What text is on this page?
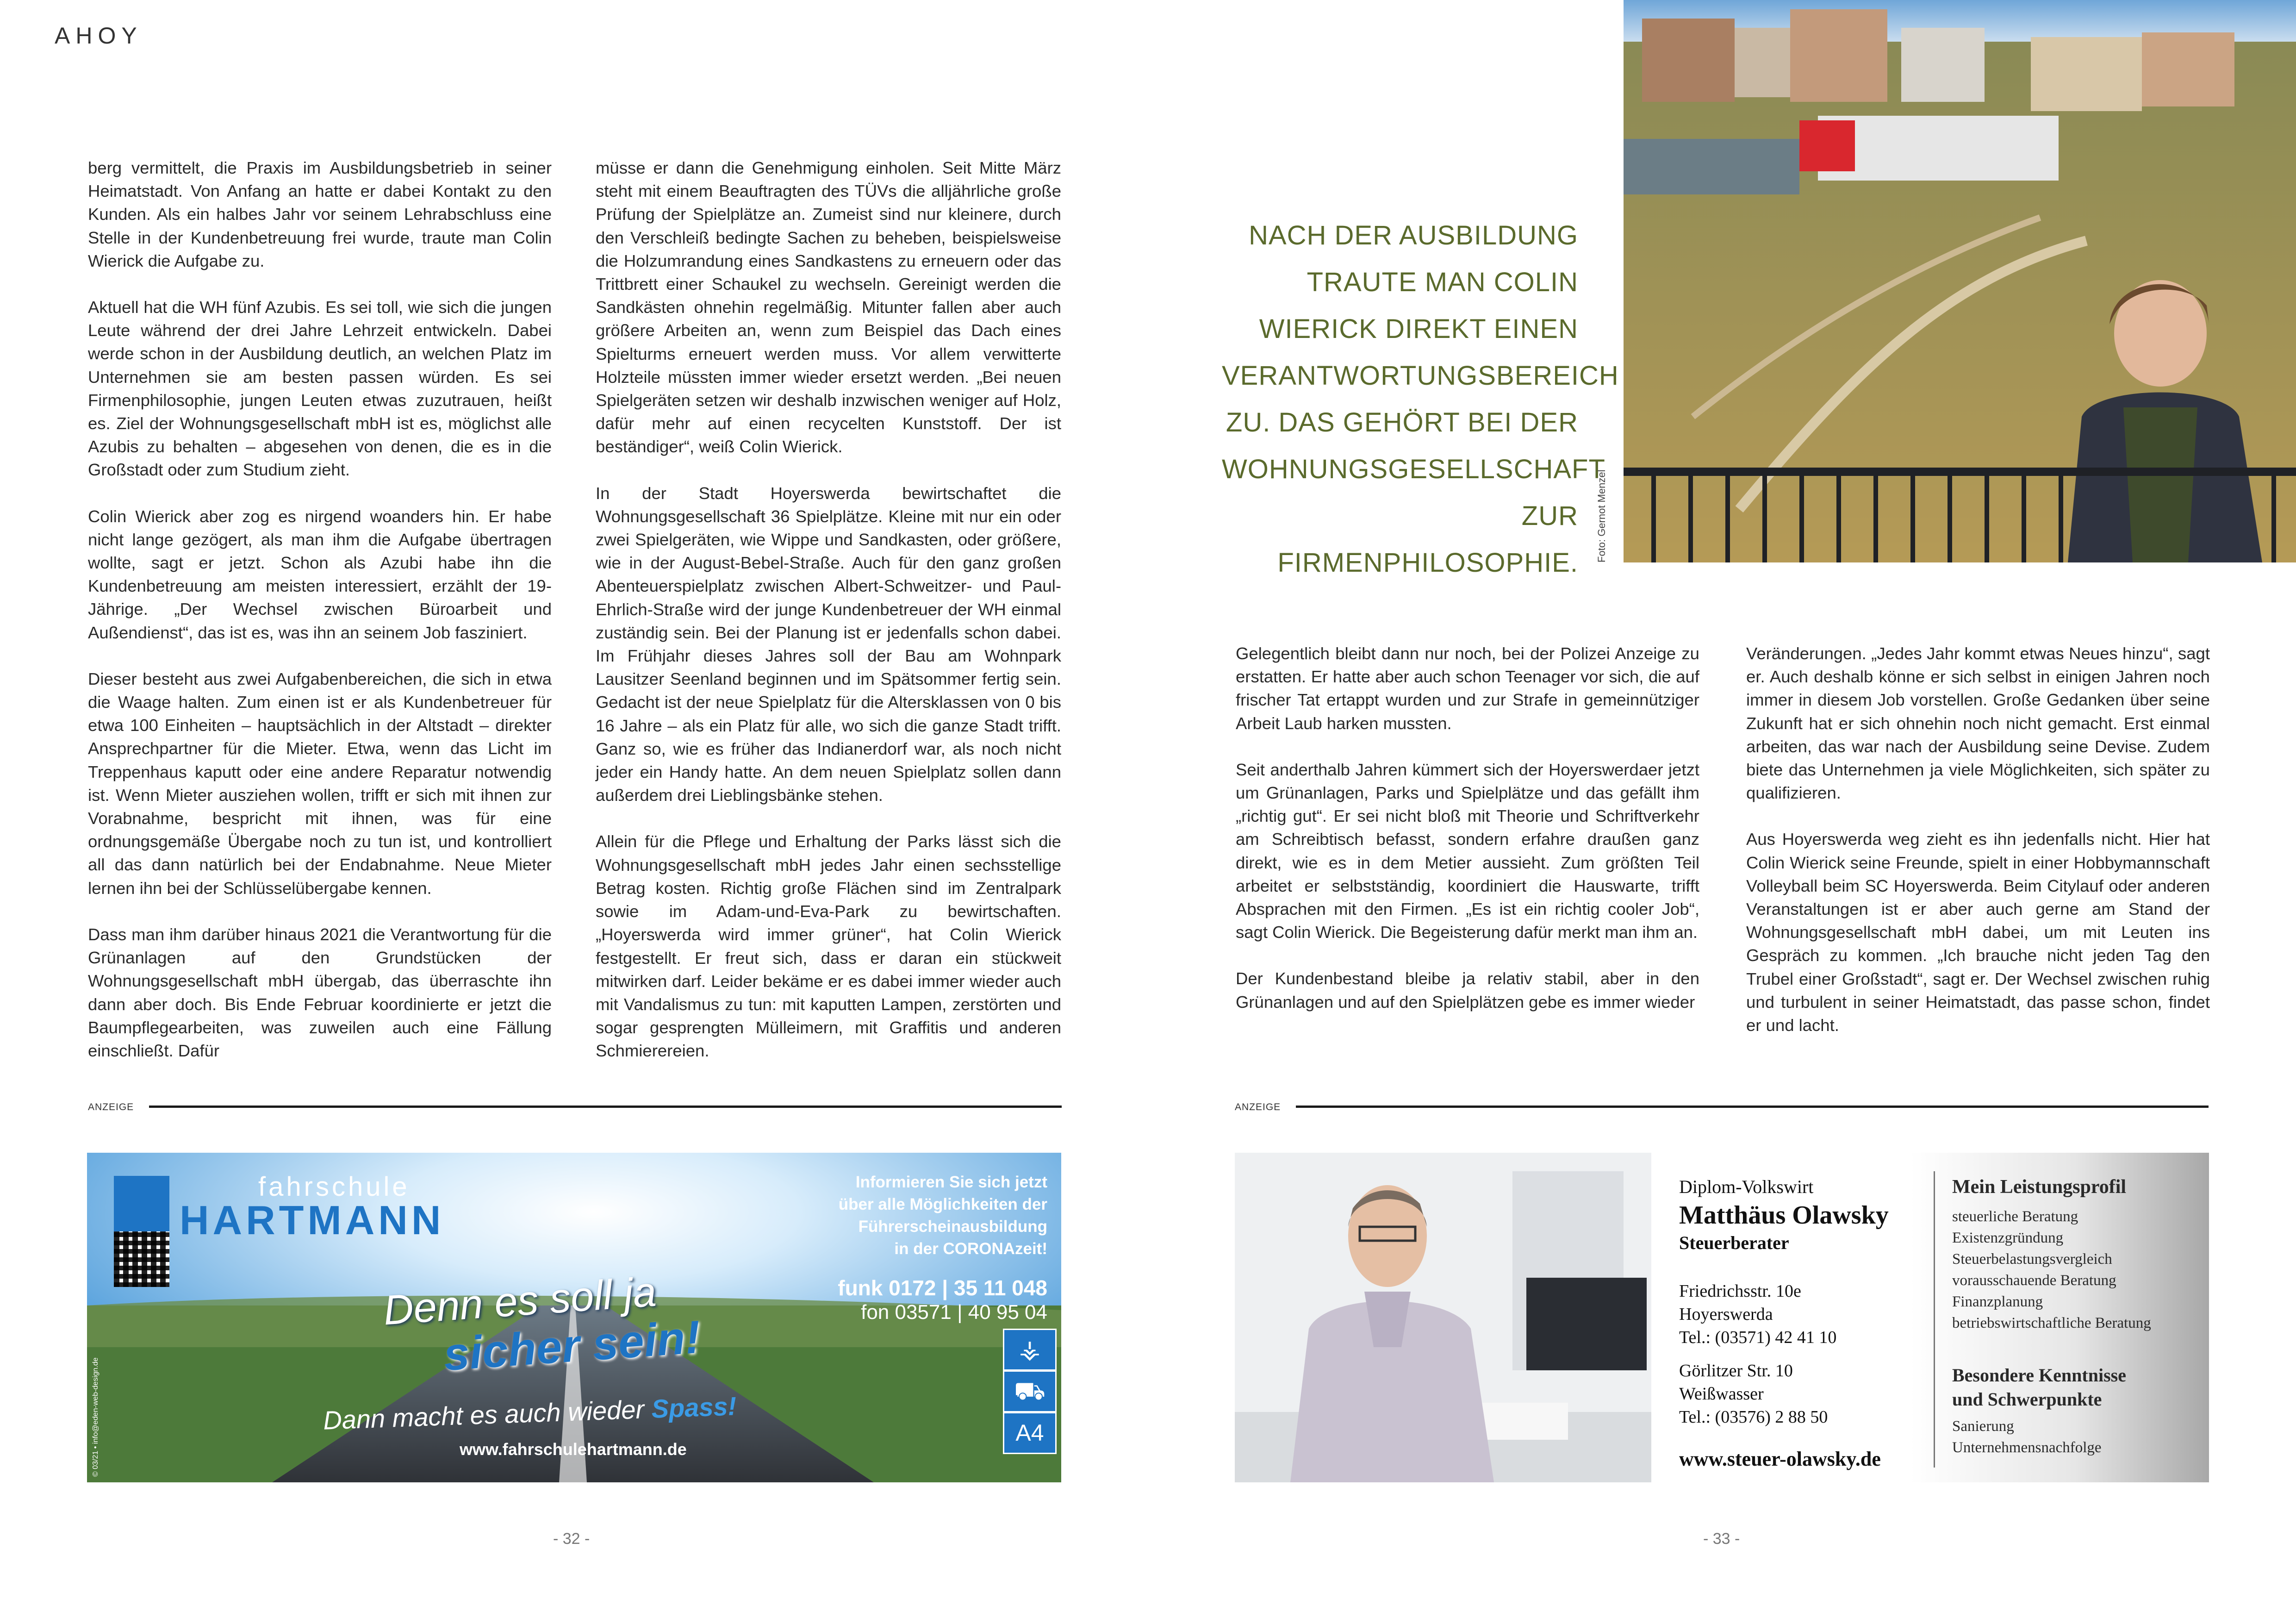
AHOY

berg vermittelt, die Praxis im Ausbildungsbetrieb in seiner Heimatstadt. Von Anfang an hatte er dabei Kontakt zu den Kunden. Als ein halbes Jahr vor seinem Lehrabschluss eine Stelle in der Kundenbetreuung frei wurde, traute man Colin Wierick die Aufgabe zu.

Aktuell hat die WH fünf Azubis. Es sei toll, wie sich die jungen Leute während der drei Jahre Lehrzeit entwickeln. Dabei werde schon in der Ausbildung deutlich, an welchen Platz im Unternehmen sie am besten passen würden. Es sei Firmenphilosophie, jungen Leuten etwas zuzutrauen, heißt es. Ziel der Wohnungsgesellschaft mbH ist es, möglichst alle Azubis zu behalten – abgesehen von denen, die es in die Großstadt oder zum Studium zieht.

Colin Wierick aber zog es nirgend woanders hin. Er habe nicht lange gezögert, als man ihm die Aufgabe übertragen wollte, sagt er jetzt. Schon als Azubi habe ihn die Kundenbetreuung am meisten interessiert, erzählt der 19-Jährige. „Der Wechsel zwischen Büroarbeit und Außendienst“, das ist es, was ihn an seinem Job fasziniert.

Dieser besteht aus zwei Aufgabenbereichen, die sich in etwa die Waage halten. Zum einen ist er als Kundenbetreuer für etwa 100 Einheiten – hauptsächlich in der Altstadt – direkter Ansprechpartner für die Mieter. Etwa, wenn das Licht im Treppenhaus kaputt oder eine andere Reparatur notwendig ist. Wenn Mieter ausziehen wollen, trifft er sich mit ihnen zur Vorabnahme, bespricht mit ihnen, was für eine ordnungsgemäße Übergabe noch zu tun ist, und kontrolliert all das dann natürlich bei der Endabnahme. Neue Mieter lernen ihn bei der Schlüsselübergabe kennen.

Dass man ihm darüber hinaus 2021 die Verantwortung für die Grünanlagen auf den Grundstücken der Wohnungsgesellschaft mbH übergab, das überraschte ihn dann aber doch. Bis Ende Februar koordinierte er jetzt die Baumpflegearbeiten, was zuweilen auch eine Fällung einschließt. Dafür

müsse er dann die Genehmigung einholen. Seit Mitte März steht mit einem Beauftragten des TÜVs die alljährliche große Prüfung der Spielplätze an. Zumeist sind nur kleinere, durch den Verschleiß bedingte Sachen zu beheben, beispielsweise die Holzumrandung eines Sandkastens zu erneuern oder das Trittbrett einer Schaukel zu wechseln. Gereinigt werden die Sandkästen ohnehin regelmäßig. Mitunter fallen aber auch größere Arbeiten an, wenn zum Beispiel das Dach eines Spielturms erneuert werden muss. Vor allem verwitterte Holzteile müssten immer wieder ersetzt werden. „Bei neuen Spielgeräten setzen wir deshalb inzwischen weniger auf Holz, dafür mehr auf einen recycelten Kunststoff. Der ist beständiger“, weiß Colin Wierick.

In der Stadt Hoyerswerda bewirtschaftet die Wohnungsgesellschaft 36 Spielplätze. Kleine mit nur ein oder zwei Spielgeräten, wie Wippe und Sandkasten, oder größere, wie in der August-Bebel-Straße. Auch für den ganz großen Abenteuerspielplatz zwischen Albert-Schweitzer- und Paul-Ehrlich-Straße wird der junge Kundenbetreuer der WH einmal zuständig sein. Bei der Planung ist er jedenfalls schon dabei. Im Frühjahr dieses Jahres soll der Bau am Wohnpark Lausitzer Seenland beginnen und im Spätsommer fertig sein. Gedacht ist der neue Spielplatz für die Altersklassen von 0 bis 16 Jahre – als ein Platz für alle, wo sich die ganze Stadt trifft. Ganz so, wie es früher das Indianerdorf war, als noch nicht jeder ein Handy hatte. An dem neuen Spielplatz sollen dann außerdem drei Lieblingsbänke stehen.

Allein für die Pflege und Erhaltung der Parks lässt sich die Wohnungsgesellschaft mbH jedes Jahr einen sechsstellige Betrag kosten. Richtig große Flächen sind im Zentralpark sowie im Adam-und-Eva-Park zu bewirtschaften. „Hoyerswerda wird immer grüner“, hat Colin Wierick festgestellt. Er freut sich, dass er daran ein stückweit mitwirken darf. Leider bekäme er es dabei immer wieder auch mit Vandalismus zu tun: mit kaputten Lampen, zerstörten und sogar gesprengten Mülleimern, mit Graffitis und anderen Schmierereien.

NACH DER AUSBILDUNG
TRAUTE MAN COLIN
WIERICK DIREKT EINEN
VERANTWORTUNGSBEREICH
ZU. DAS GEHÖRT BEI DER
WOHNUNGSGESELLSCHAFT
ZUR FIRMENPHILOSOPHIE.
Foto: Gernot Menzel

Gelegentlich bleibt dann nur noch, bei der Polizei Anzeige zu erstatten. Er hatte aber auch schon Teenager vor sich, die auf frischer Tat ertappt wurden und zur Strafe in gemeinnütziger Arbeit Laub harken mussten.

Seit anderthalb Jahren kümmert sich der Hoyerswerdaer jetzt um Grünanlagen, Parks und Spielplätze und das gefällt ihm „richtig gut“. Er sei nicht bloß mit Theorie und Schriftverkehr am Schreibtisch befasst, sondern erfahre draußen ganz direkt, wie es in dem Metier aussieht. Zum größten Teil arbeitet er selbstständig, koordiniert die Hauswarte, trifft Absprachen mit den Firmen. „Es ist ein richtig cooler Job“, sagt Colin Wierick. Die Begeisterung dafür merkt man ihm an.

Der Kundenbestand bleibe ja relativ stabil, aber in den Grünanlagen und auf den Spielplätzen gebe es immer wieder

Veränderungen. „Jedes Jahr kommt etwas Neues hinzu“, sagt er. Auch deshalb könne er sich selbst in einigen Jahren noch immer in diesem Job vorstellen. Große Gedanken über seine Zukunft hat er sich ohnehin noch nicht gemacht. Erst einmal arbeiten, das war nach der Ausbildung seine Devise. Zudem biete das Unternehmen ja viele Möglichkeiten, sich später zu qualifizieren.

Aus Hoyerswerda weg zieht es ihn jedenfalls nicht. Hier hat Colin Wierick seine Freunde, spielt in einer Hobbymannschaft Volleyball beim SC Hoyerswerda. Beim Citylauf oder anderen Veranstaltungen ist er aber auch gerne am Stand der Wohnungsgesellschaft mbH dabei, um mit Leuten ins Gespräch zu kommen. „Ich brauche nicht jeden Tag den Trubel einer Großstadt“, sagt er. Der Wechsel zwischen ruhig und turbulent in seiner Heimatstadt, das passe schon, findet er und lacht.

ANZEIGE	ANZEIGE
fahrschule
HARTMANN
Informieren Sie sich jetzt
über alle Möglichkeiten der
Führerscheinausbildung
in der CORONAzeit!
funk 0172 | 35 11 048
fon 03571 | 40 95 04
Denn es soll ja
sicher sein!
Dann macht es auch wieder Spass!
www.fahrschulehartmann.de
© 03/21 • info@eden-web-design.de
⚶
⛟
A4
Diplom-Volkswirt
Matthäus Olawsky
Steuerberater
Friedrichsstr. 10e
Hoyerswerda
Tel.: (03571) 42 41 10
Görlitzer Str. 10
Weißwasser
Tel.: (03576) 2 88 50
www.steuer-olawsky.de
Mein Leistungsprofil
steuerliche Beratung
Existenzgründung
Steuerbelastungsvergleich
vorausschauende Beratung
Finanzplanung
betriebswirtschaftliche Beratung
Besondere Kenntnisse
und Schwerpunkte
Sanierung
Unternehmensnachfolge
- 32 -	- 33 -
